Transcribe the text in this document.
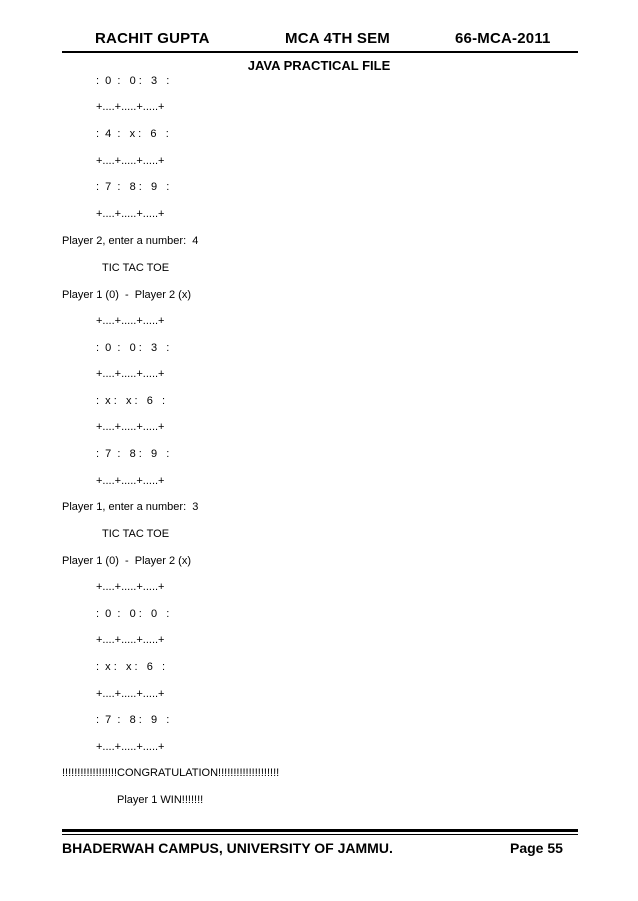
RACHIT GUPTA	MCA 4TH SEM	66-MCA-2011
JAVA PRACTICAL FILE
:  0  :   0 :   3   :
+....+.....+.....+
:  4  :   x :   6   :
+....+.....+.....+
:  7  :   8 :   9   :
+....+.....+.....+
Player 2, enter a number:  4
TIC TAC TOE
Player 1 (0)  -  Player 2 (x)
+....+.....+.....+
:  0  :   0 :   3   :
+....+.....+.....+
:  x :   x :   6   :
+....+.....+.....+
:  7  :   8 :   9   :
+....+.....+.....+
Player 1, enter a number:  3
TIC TAC TOE
Player 1 (0)  -  Player 2 (x)
+....+.....+.....+
:  0  :   0 :   0   :
+....+.....+.....+
:  x :   x :   6   :
+....+.....+.....+
:  7  :   8 :   9   :
+....+.....+.....+
!!!!!!!!!!!!!!!!!!CONGRATULATION!!!!!!!!!!!!!!!!!!!!
Player 1 WIN!!!!!!!
BHADERWAH CAMPUS, UNIVERSITY OF JAMMU.	Page 55
